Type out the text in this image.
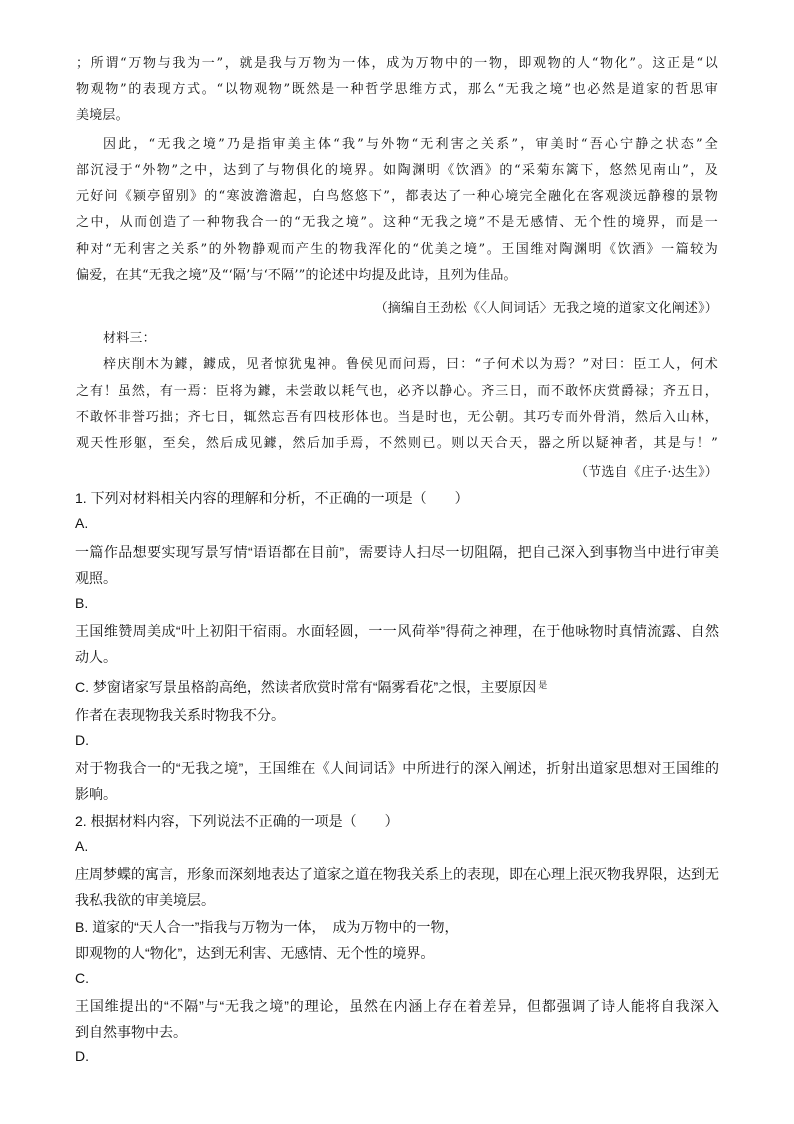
；所谓“万物与我为一”，就是我与万物为一体，成为万物中的一物，即观物的人“物化”。这正是“以
物观物”的表现方式。“以物观物”既然是一种哲学思维方式，那么“无我之境”也必然是道家的哲思审
美境层。
因此，“无我之境”乃是指审美主体“我”与外物“无利害之关系”，审美时“吾心宁静之状态”全
部沉浸于“外物”之中，达到了与物俱化的境界。如陶渊明《饮酒》的“采菊东篱下，悠然见南山”，及
元好问《颍亭留别》的“寒波澹澹起，白鸟悠悠下”，都表达了一种心境完全融化在客观淡远静穆的景物
之中，从而创造了一种物我合一的“无我之境”。这种“无我之境”不是无感情、无个性的境界，而是一
种对“无利害之关系”的外物静观而产生的物我浑化的“优美之境”。王国维对陶渊明《饮酒》一篇较为
偏爱，在其“无我之境”及“‘隔’与‘不隔’”的论述中均提及此诗，且列为佳品。
（摘编自王劲松《〈人间词话〉无我之境的道家文化阐述》）
材料三：
梓庆削木为鐻，鐻成，见者惊犹鬼神。鲁侯见而问焉，曰：“子何术以为焉？”对曰：臣工人，何术
之有！虽然，有一焉：臣将为鐻，未尝敢以耗气也，必齐以静心。齐三日，而不敢怀庆赏爵禄；齐五日，
不敢怀非誉巧拙；齐七日，辄然忘吾有四枝形体也。当是时也，无公朝。其巧专而外骨消，然后入山林，
观天性形躯，至矣，然后成见鐻，然后加手焉，不然则已。则以天合天，器之所以疑神者，其是与！”
（节选自《庄子·达生》）
1. 下列对材料相关内容的理解和分析，不正确的一项是（　　）
A.
一篇作品想要实现写景写情“语语都在目前”，需要诗人扫尽一切阻隔，把自己深入到事物当中进行审美
观照。
B.
王国维赞周美成“叶上初阳干宿雨。水面轻圆，一一风荷举”得荷之神理，在于他咏物时真情流露、自然
动人。
C. 梦窗诸家写景虽格韵高绝，然读者欣赏时常有“隔雾看花”之恨，主要原因 $^是$
作者在表现物我关系时物我不分。
D.
对于物我合一的“无我之境”，王国维在《人间词话》中所进行的深入阐述，折射出道家思想对王国维的
影响。
2. 根据材料内容，下列说法不正确的一项是（　　）
A.
庄周梦蝶的寓言，形象而深刻地表达了道家之道在物我关系上的表现，即在心理上泯灭物我界限，达到无
我私我欲的审美境层。
B. 道家的“天人合一”指我与万物为一体，　成为万物中的一物，
即观物的人“物化”，达到无利害、无感情、无个性的境界。
C.
王国维提出的“不隔”与“无我之境”的理论，虽然在内涵上存在着差异，但都强调了诗人能将自我深入
到自然事物中去。
D.
